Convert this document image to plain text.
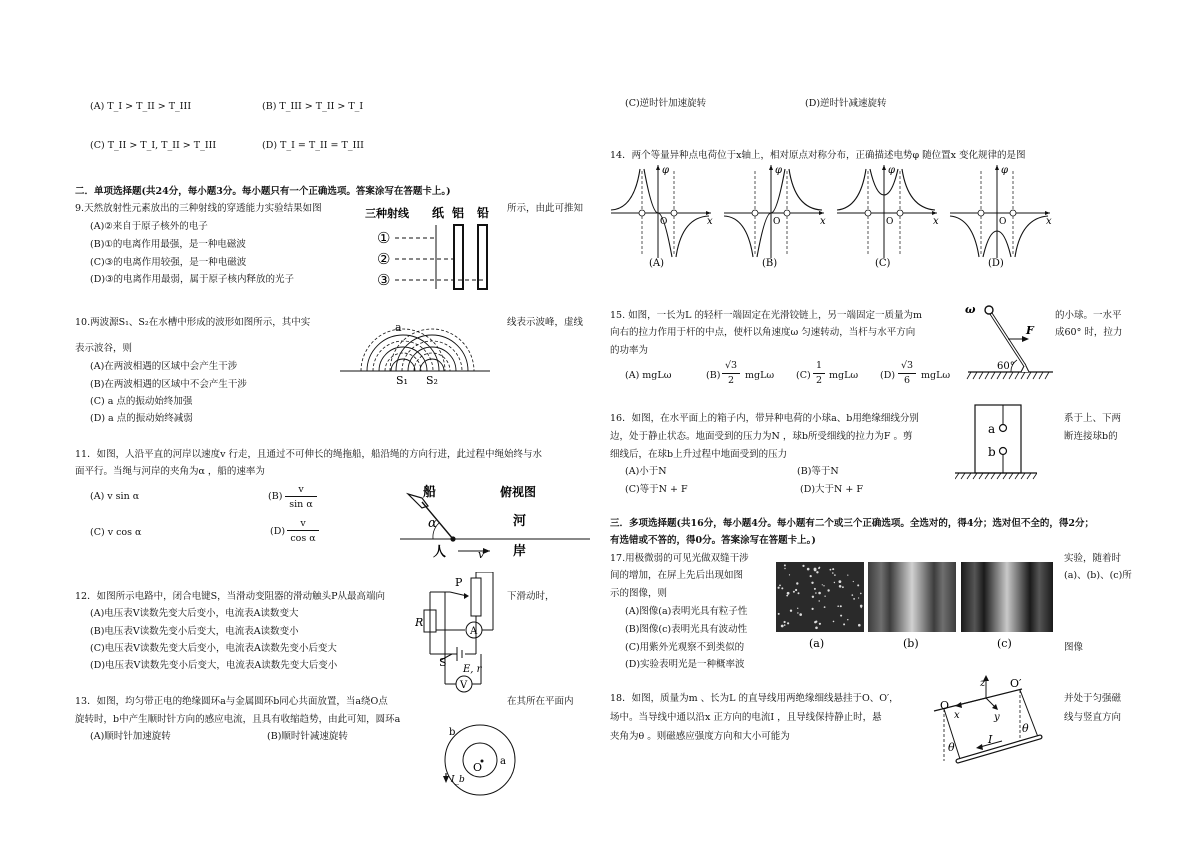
(A) T_I > T_II > T_III	(B) T_III > T_II > T_I
(C) T_II > T_I, T_II > T_III	(D) T_I = T_II = T_III
二．单项选择题(共24分，每小题3分。每小题只有一个正确选项。答案涂写在答题卡上。)
9.天然放射性元素放出的三种射线的穿透能力实验结果如图	所示，由此可推知
(A)②来自于原子核外的电子
(B)①的电离作用最强，是一种电磁波
(C)③的电离作用较强，是一种电磁波
(D)③的电离作用最弱，属于原子核内释放的光子
三种射线 纸 铝 铅
①
②
③
10.两波源S₁、S₂在水槽中形成的波形如图所示，其中实	线表示波峰，虚线
表示波谷，则
(A)在两波相遇的区域中会产生干涉
(B)在两波相遇的区域中不会产生干涉
(C) a 点的振动始终加强
(D) a 点的振动始终减弱
a
S₁ S₂
11．如图，人沿平直的河岸以速度v 行走，且通过不可伸长的绳拖船，船沿绳的方向行进，此过程中绳始终与水
面平行。当绳与河岸的夹角为α ，船的速率为
(A) v sin α	(B)
v
sin α
(C) v cos α	(D)
v
cos α
船	俯视图
α	河
岸
人	v
12．如图所示电路中，闭合电键S，当滑动变阻器的滑动触头P从最高端向	下滑动时，
(A)电压表V读数先变大后变小，电流表A读数变大
(B)电压表V读数先变小后变大，电流表A读数变小
(C)电压表V读数先变大后变小，电流表A读数先变小后变大
(D)电压表V读数先变小后变大，电流表A读数先变大后变小
P
R
A
S
E, r
V
13．如图，均匀带正电的绝缘圆环a与金属圆环b同心共面放置，当a绕O点	在其所在平面内
旋转时，b中产生顺时针方向的感应电流，且具有收缩趋势，由此可知，圆环a
(A)顺时针加速旋转	(B)顺时针减速旋转	b
O a
I_b
(C)逆时针加速旋转	(D)逆时针减速旋转
14．两个等量异种点电荷位于x轴上，相对原点对称分布，正确描述电势φ 随位置x 变化规律的是图
φ
x
O
(A)
φ
x
O
(B)
φ
x
O
(C)
φ
x
O
(D)
15. 如图，一长为L 的轻杆一端固定在光滑铰链上，另一端固定一质量为m	的小球。一水平
向右的拉力作用于杆的中点，使杆以角速度ω 匀速转动，当杆与水平方向	成60° 时，拉力
的功率为
(A) mgLω	(B)
√3
2	mgLω (C)
1
2 mgLω (D)
√3
6	mgLω
F
ω
60°
16．如图，在水平面上的箱子内，带异种电荷的小球a、b用绝缘细线分别	系于上、下两
边，处于静止状态。地面受到的压力为N ，球b所受细线的拉力为F 。剪	断连接球b的
细线后，在球b上升过程中地面受到的压力
(A)小于N	(B)等于N
(C)等于N + F	(D)大于N + F
a
b
三．多项选择题(共16分，每小题4分。每小题有二个或三个正确选项。全选对的，得4分；选对但不全的，得2分；
有选错或不答的，得0分。答案涂写在答题卡上。)
17.用极微弱的可见光做双缝干涉	实验，随着时
间的增加，在屏上先后出现如图	(a)、(b)、(c)所
示的图像，则
(A)图像(a)表明光具有粒子性
(B)图像(c)表明光具有波动性
(C)用紫外光观察不到类似的	图像
(D)实验表明光是一种概率波
(a)	(b)	(c)
18．如图，质量为m 、长为L 的直导线用两绝缘细线悬挂于O、O′，	并处于匀强磁
场中。当导线中通以沿x 正方向的电流I ，且导线保持静止时，悬	线与竖直方向
夹角为θ 。则磁感应强度方向和大小可能为
z O′
O
x	y
θ
θ
I
